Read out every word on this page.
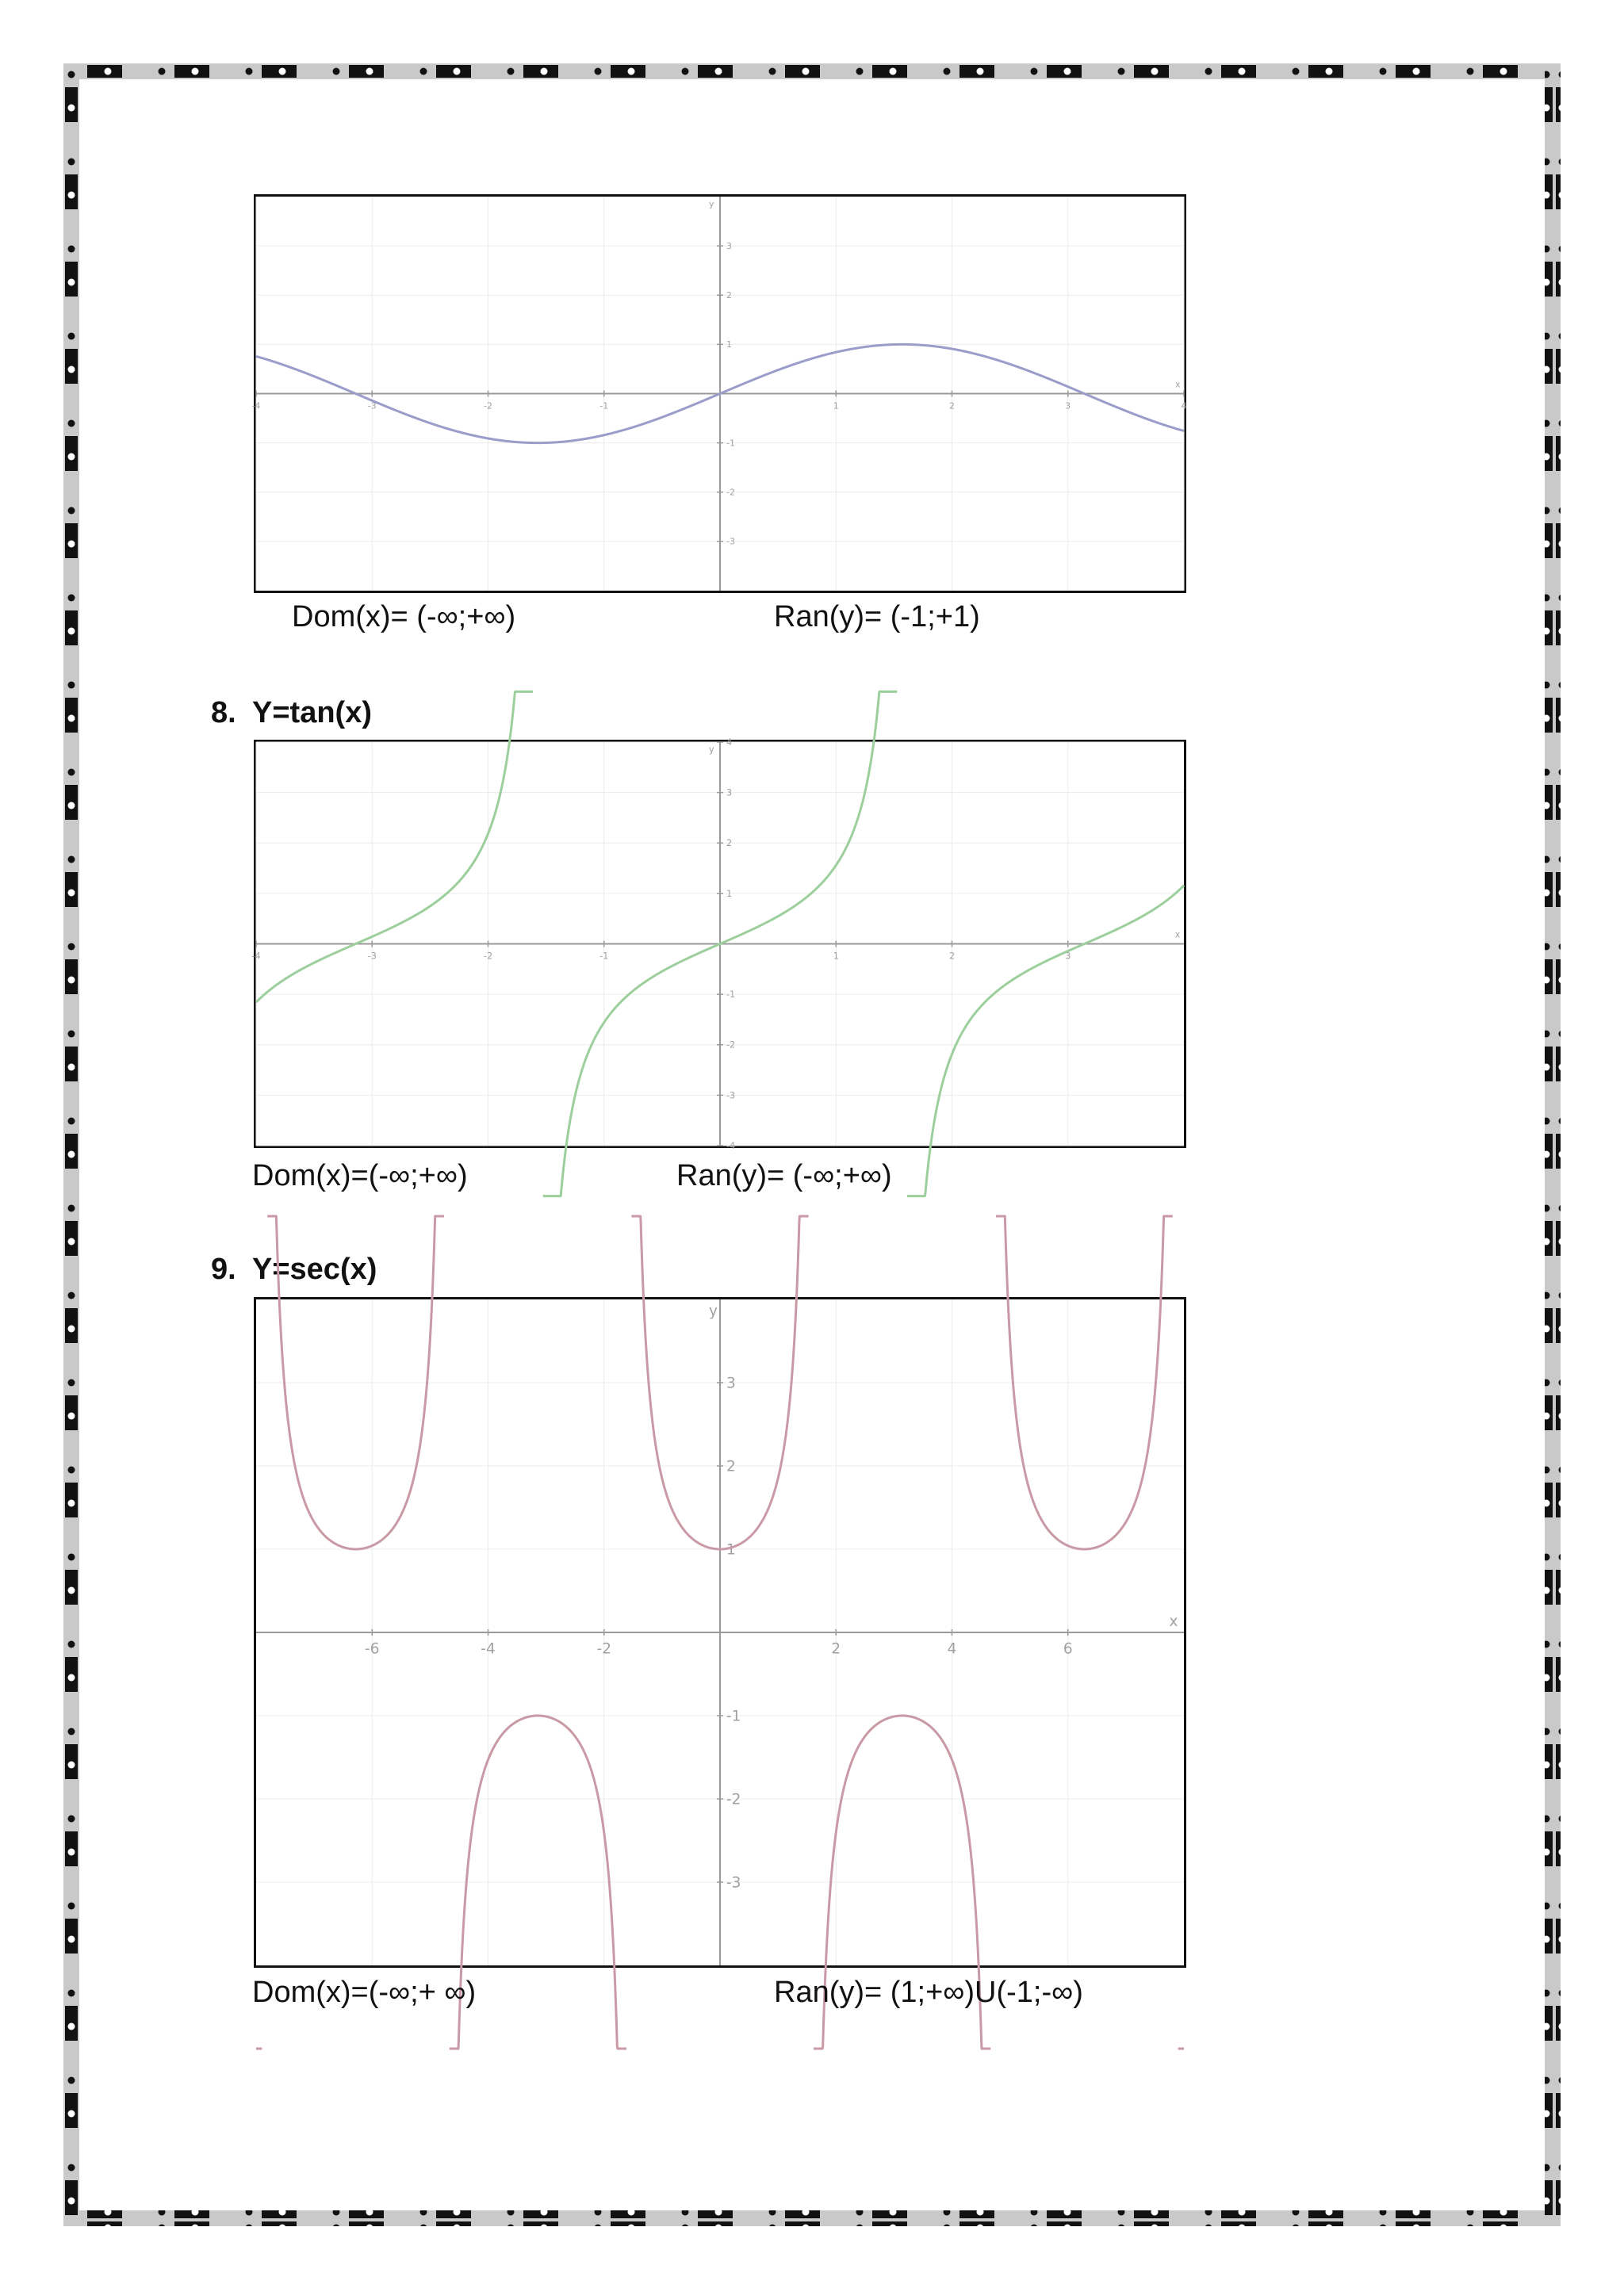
-4	-3	-2	-1	1	2	3	4
-3
-2
-1
1
2
3
y
x
Dom(x)= (-∞;+∞)	Ran(y)= (-1;+1)
8. Y=tan(x)
-4	-3	-2	-1	1	2	3
-4
-3
-2
-1
1
2
3
4
y
x
Dom(x)=(-∞;+∞)	Ran(y)= (-∞;+∞)
9. Y=sec(x)
-6	-4	-2	2	4	6
-3
-2
-1
1
2
3
y
x
Dom(x)=(-∞;+ ∞)	Ran(y)= (1;+∞)U(-1;-∞)
